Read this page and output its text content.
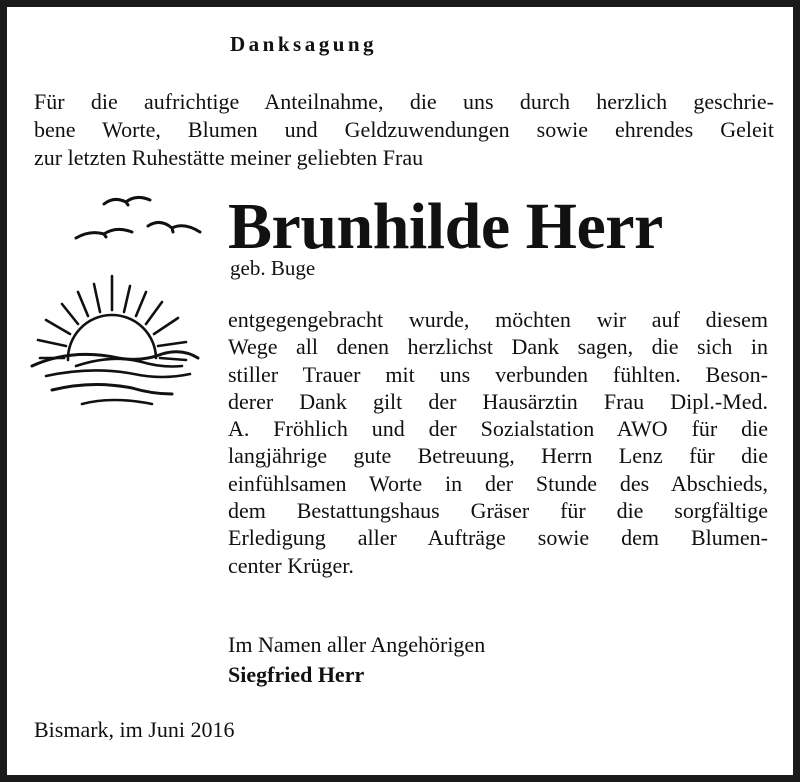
Danksagung
Für die aufrichtige Anteilnahme, die uns durch herzlich geschrie-
bene Worte, Blumen und Geldzuwendungen sowie ehrendes Geleit
zur letzten Ruhestätte meiner geliebten Frau
Brunhilde Herr
geb. Buge
entgegengebracht wurde, möchten wir auf diesem
Wege all denen herzlichst Dank sagen, die sich in
stiller Trauer mit uns verbunden fühlten. Beson-
derer Dank gilt der Hausärztin Frau Dipl.-Med.
A. Fröhlich und der Sozialstation AWO für die
langjährige gute Betreuung, Herrn Lenz für die
einfühlsamen Worte in der Stunde des Abschieds,
dem Bestattungshaus Gräser für die sorgfältige
Erledigung aller Aufträge sowie dem Blumen-
center Krüger.
Im Namen aller Angehörigen
Siegfried Herr
Bismark, im Juni 2016
